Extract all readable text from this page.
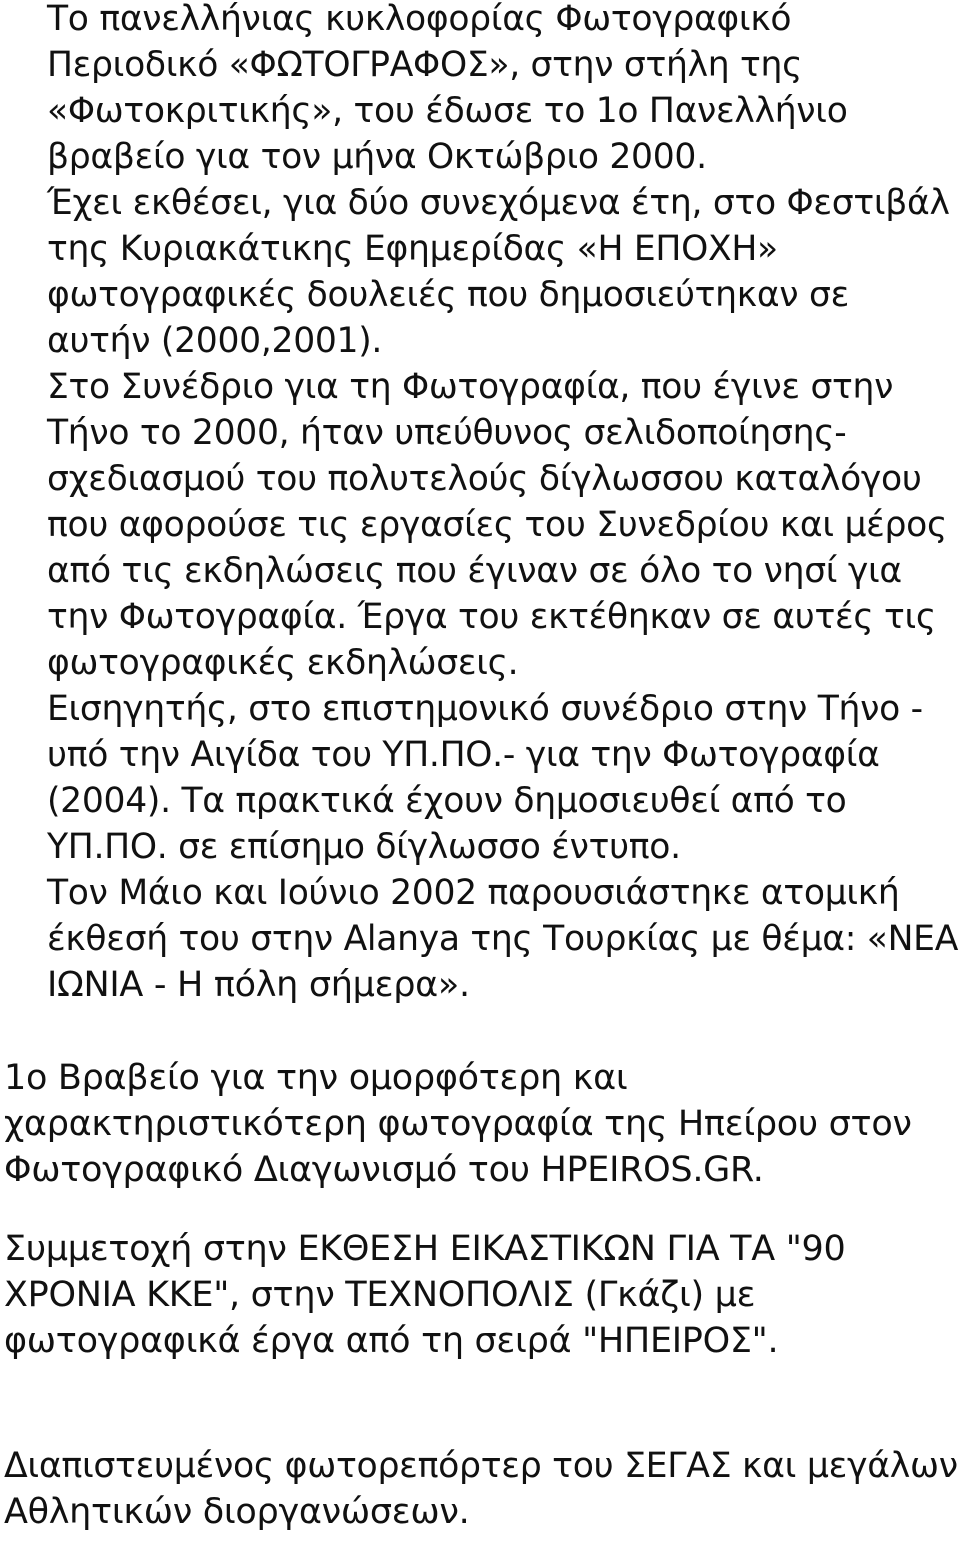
Το πανελλήνιας κυκλοφορίας Φωτογραφικό
Περιοδικό «ΦΩΤΟΓΡΑΦΟΣ», στην στήλη της
«Φωτοκριτικής», του έδωσε το 1ο Πανελλήνιο
βραβείο για τον μήνα Οκτώβριο 2000.
Έχει εκθέσει, για δύο συνεχόμενα έτη, στο Φεστιβάλ
της Κυριακάτικης Εφημερίδας «Η ΕΠΟΧΗ»
φωτογραφικές δουλειές που δημοσιεύτηκαν σε
αυτήν (2000,2001).
Στο Συνέδριο για τη Φωτογραφία, που έγινε στην
Τήνο το 2000, ήταν υπεύθυνος σελιδοποίησης-
σχεδιασμού του πολυτελούς δίγλωσσου καταλόγου
που αφορούσε τις εργασίες του Συνεδρίου και μέρος
από τις εκδηλώσεις που έγιναν σε όλο το νησί για
την Φωτογραφία. Έργα του εκτέθηκαν σε αυτές τις
φωτογραφικές εκδηλώσεις.
Εισηγητής, στο επιστημονικό συνέδριο στην Τήνο -
υπό την Αιγίδα του ΥΠ.ΠΟ.- για την Φωτογραφία
(2004). Τα πρακτικά έχουν δημοσιευθεί από το
ΥΠ.ΠΟ. σε επίσημο δίγλωσσο έντυπο.
Τον Μάιο και Ιούνιο 2002 παρουσιάστηκε ατομική
έκθεσή του στην Alanya της Τουρκίας με θέμα: «ΝΕΑ
ΙΩΝΙΑ - Η πόλη σήμερα».
1ο Βραβείο για την ομορφότερη και
χαρακτηριστικότερη φωτογραφία της Ηπείρου στον
Φωτογραφικό Διαγωνισμό του HPEIROS.GR.
Συμμετοχή στην ΕΚΘΕΣΗ ΕΙΚΑΣΤΙΚΩΝ ΓΙΑ ΤΑ "90
ΧΡΟΝΙΑ ΚΚΕ", στην ΤΕΧΝΟΠΟΛΙΣ (Γκάζι) με
φωτογραφικά έργα από τη σειρά "ΗΠΕΙΡΟΣ".
Διαπιστευμένος φωτορεπόρτερ του ΣΕΓΑΣ και μεγάλων
Αθλητικών διοργανώσεων.
